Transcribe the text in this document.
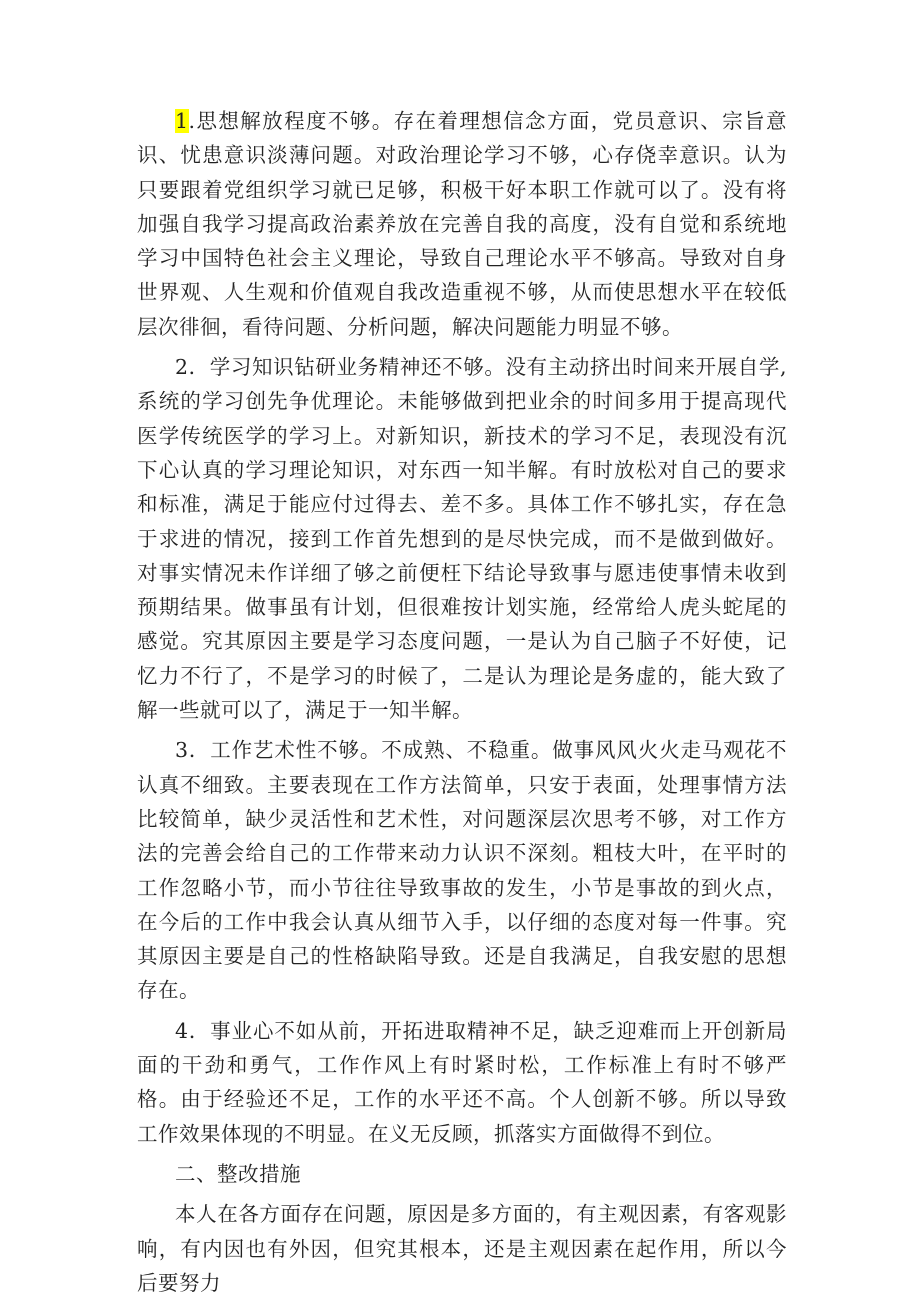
1.思想解放程度不够。存在着理想信念方面，党员意识、宗旨意识、忧患意识淡薄问题。对政治理论学习不够，心存侥幸意识。认为只要跟着党组织学习就已足够，积极干好本职工作就可以了。没有将加强自我学习提高政治素养放在完善自我的高度，没有自觉和系统地学习中国特色社会主义理论，导致自己理论水平不够高。导致对自身世界观、人生观和价值观自我改造重视不够，从而使思想水平在较低层次徘徊，看待问题、分析问题，解决问题能力明显不够。

2．学习知识钻研业务精神还不够。没有主动挤出时间来开展自学,系统的学习创先争优理论。未能够做到把业余的时间多用于提高现代医学传统医学的学习上。对新知识，新技术的学习不足，表现没有沉下心认真的学习理论知识，对东西一知半解。有时放松对自己的要求和标准，满足于能应付过得去、差不多。具体工作不够扎实，存在急于求进的情况，接到工作首先想到的是尽快完成，而不是做到做好。对事实情况未作详细了够之前便枉下结论导致事与愿违使事情未收到预期结果。做事虽有计划，但很难按计划实施，经常给人虎头蛇尾的感觉。究其原因主要是学习态度问题，一是认为自己脑子不好使，记忆力不行了，不是学习的时候了，二是认为理论是务虚的，能大致了解一些就可以了，满足于一知半解。

3．工作艺术性不够。不成熟、不稳重。做事风风火火走马观花不认真不细致。主要表现在工作方法简单，只安于表面，处理事情方法比较简单，缺少灵活性和艺术性，对问题深层次思考不够，对工作方法的完善会给自己的工作带来动力认识不深刻。粗枝大叶，在平时的工作忽略小节，而小节往往导致事故的发生，小节是事故的到火点，在今后的工作中我会认真从细节入手，以仔细的态度对每一件事。究其原因主要是自己的性格缺陷导致。还是自我满足，自我安慰的思想存在。

4．事业心不如从前，开拓进取精神不足，缺乏迎难而上开创新局面的干劲和勇气，工作作风上有时紧时松，工作标准上有时不够严格。由于经验还不足，工作的水平还不高。个人创新不够。所以导致工作效果体现的不明显。在义无反顾，抓落实方面做得不到位。

二、整改措施

本人在各方面存在问题，原因是多方面的，有主观因素，有客观影响，有内因也有外因，但究其根本，还是主观因素在起作用，所以今后要努力
